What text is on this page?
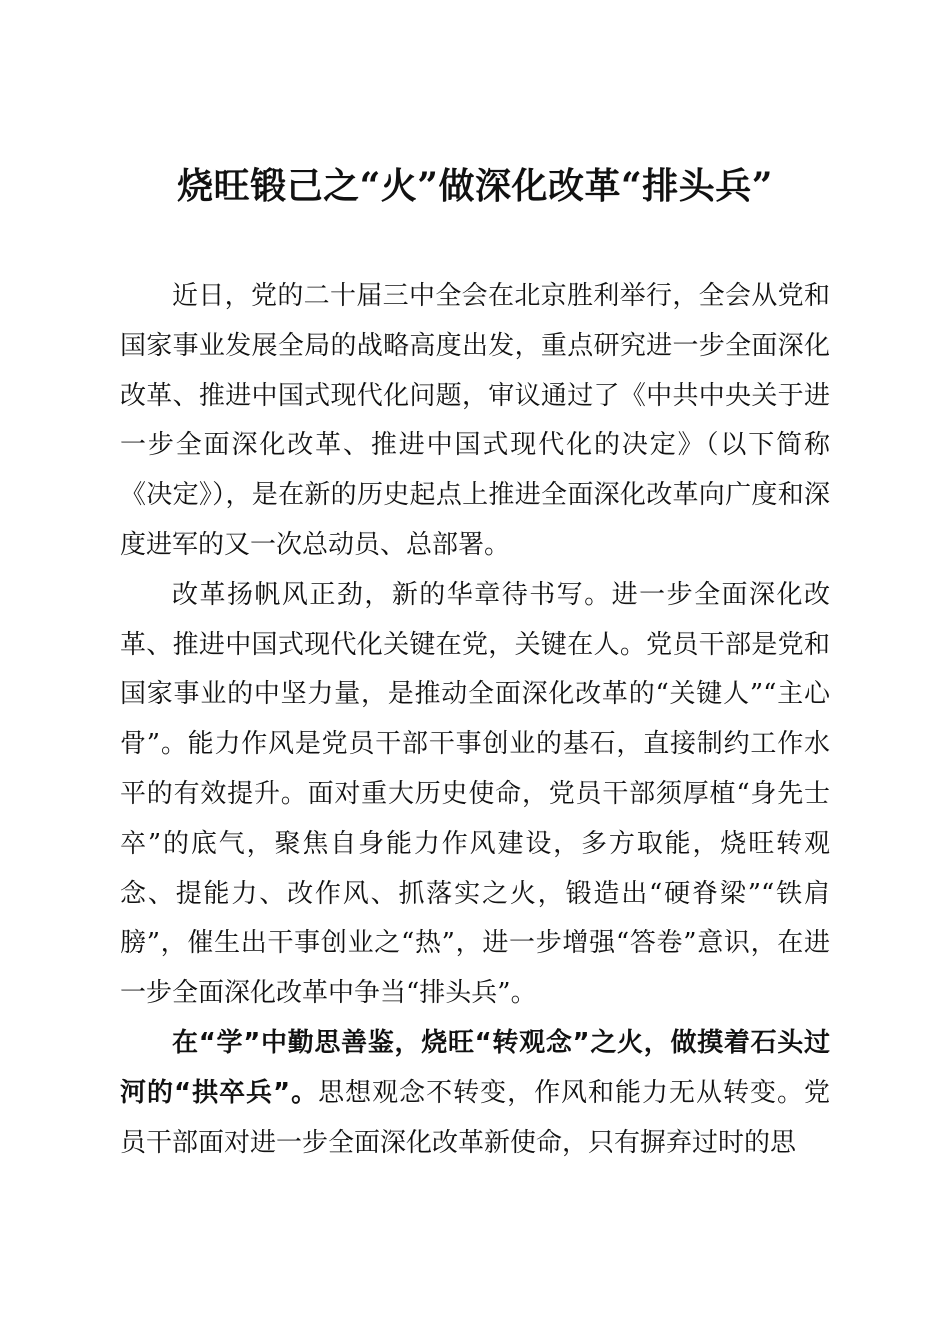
烧旺锻己之“火”做深化改革“排头兵”

近日，党的二十届三中全会在北京胜利举行，全会从党和国家事业发展全局的战略高度出发，重点研究进一步全面深化改革、推进中国式现代化问题，审议通过了《中共中央关于进一步全面深化改革、推进中国式现代化的决定》（以下简称《决定》），是在新的历史起点上推进全面深化改革向广度和深度进军的又一次总动员、总部署。

改革扬帆风正劲，新的华章待书写。进一步全面深化改革、推进中国式现代化关键在党，关键在人。党员干部是党和国家事业的中坚力量，是推动全面深化改革的“关键人”“主心骨”。能力作风是党员干部干事创业的基石，直接制约工作水平的有效提升。面对重大历史使命，党员干部须厚植“身先士卒”的底气，聚焦自身能力作风建设，多方取能，烧旺转观念、提能力、改作风、抓落实之火，锻造出“硬脊梁”“铁肩膀”，催生出干事创业之“热”，进一步增强“答卷”意识，在进一步全面深化改革中争当“排头兵”。

在“学”中勤思善鉴，烧旺“转观念”之火，做摸着石头过河的“拱卒兵”。思想观念不转变，作风和能力无从转变。党员干部面对进一步全面深化改革新使命，只有摒弃过时的思
